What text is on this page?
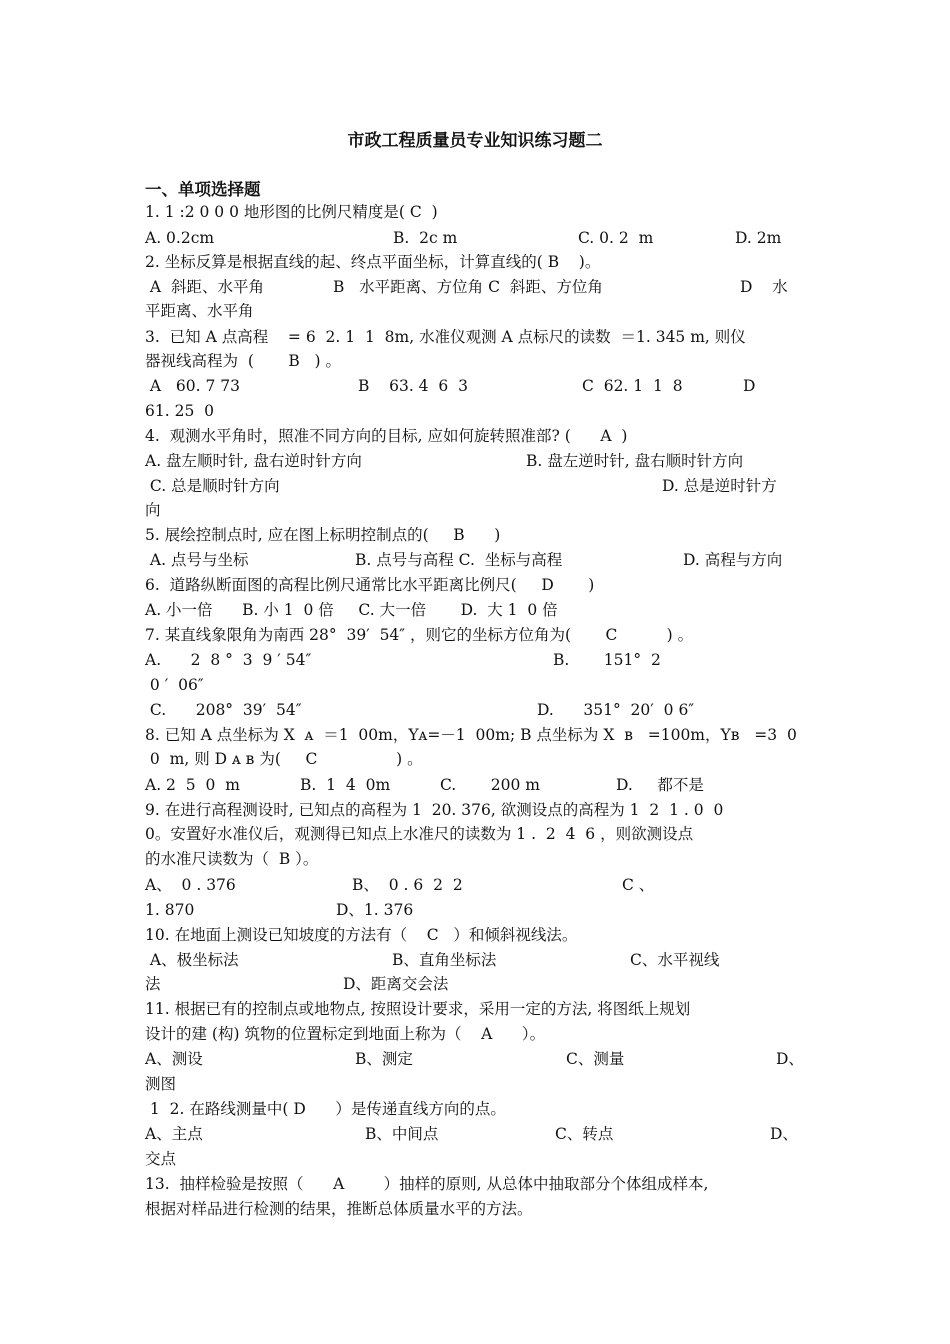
市政工程质量员专业知识练习题二
一、单项选择题
1. 1 :2 0 0 0 地形图的比例尺精度是( C  )
A. 0.2cm	B.  2c m	C. 0. 2  m	D. 2m
2. 坐标反算是根据直线的起、终点平面坐标，计算直线的( B    )。
A  斜距、水平角	B   水平距离、方位角 C  斜距、方位角	D    水
平距离、水平角
3.  已知 A 点高程    = 6  2. 1  1  8m, 水准仪观测 A 点标尺的读数  ＝1. 345 m, 则仪
器视线高程为  (       B   ) 。
A   60. 7 73	B    63. 4  6  3	C  62. 1  1  8	D
61. 25  0
4.  观测水平角时，照准不同方向的目标, 应如何旋转照准部? (      A  )
A. 盘左顺时针, 盘右逆时针方向	B. 盘左逆时针, 盘右顺时针方向
C. 总是顺时针方向	D. 总是逆时针方
向
5. 展绘控制点时, 应在图上标明控制点的(     B      )
A. 点号与坐标	B. 点号与高程 C.  坐标与高程	D. 高程与方向
6.  道路纵断面图的高程比例尺通常比水平距离比例尺(     D       )
A. 小一倍      B. 小 1  0 倍     C. 大一倍       D.  大 1  0 倍
7. 某直线象限角为南西 28°  39′  54″ ，则它的坐标方位角为(       C          ) 。
A.      2  8 °  3  9 ′ 54″	B.       151°  2
0 ′  06″
C.      208°  39′  54″	D.      351°  20′  0 6″
8. 已知 A 点坐标为 X  ᴀ  ＝1  00m，Yᴀ=－1  00m; B 点坐标为 X  ʙ   =100m，Yʙ   =3  0
0  m, 则 D ᴀ ʙ 为(     C                ) 。
A. 2  5  0  m	B.  1  4  0m	C.       200 m	D.     都不是
9. 在进行高程测设时, 已知点的高程为 1  20. 376, 欲测设点的高程为 1  2  1 . 0  0
0。安置好水准仪后，观测得已知点上水准尺的读数为 1 .  2  4  6 ，则欲测设点
的水准尺读数为（  B ）。
A、  0 . 376	B、  0 . 6  2  2	C 、
1. 870	D、1. 376
10. 在地面上测设已知坡度的方法有（    C   ）和倾斜视线法。
A、极坐标法	B、直角坐标法	C、水平视线
法	D、距离交会法
11. 根据已有的控制点或地物点, 按照设计要求，采用一定的方法, 将图纸上规划
设计的建 (构) 筑物的位置标定到地面上称为（    A      ）。
A、测设	B、测定	C、测量	D、
测图
1  2. 在路线测量中( D      ）是传递直线方向的点。
A、主点	B、中间点	C、转点	D、
交点
13.  抽样检验是按照（      A        ）抽样的原则, 从总体中抽取部分个体组成样本,
根据对样品进行检测的结果，推断总体质量水平的方法。
